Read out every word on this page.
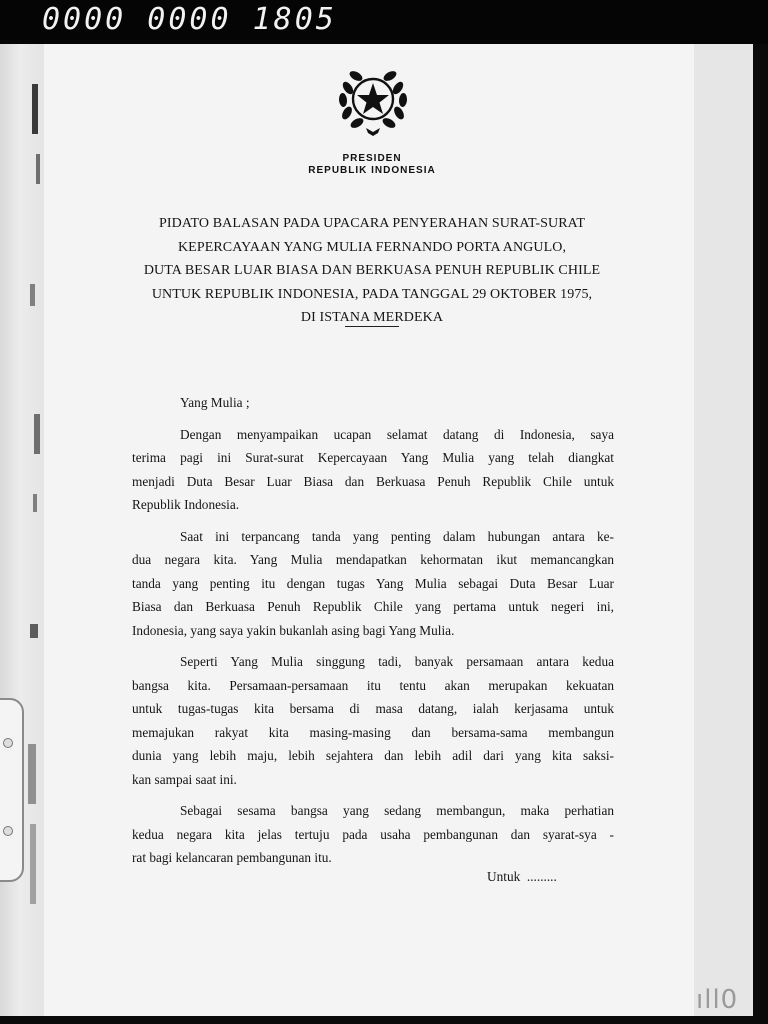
0000 0000 1805
PRESIDEN
REPUBLIK INDONESIA
PIDATO BALASAN PADA UPACARA PENYERAHAN SURAT-SURAT
KEPERCAYAAN YANG MULIA FERNANDO PORTA ANGULO,
DUTA BESAR LUAR BIASA DAN BERKUASA PENUH REPUBLIK CHILE
UNTUK REPUBLIK INDONESIA, PADA TANGGAL 29 OKTOBER 1975,
DI ISTANA MERDEKA
Yang Mulia ;
Dengan menyampaikan ucapan selamat datang di Indonesia, saya
terima pagi ini Surat-surat Kepercayaan Yang Mulia yang telah diangkat
menjadi Duta Besar Luar Biasa dan Berkuasa Penuh Republik Chile untuk
Republik Indonesia.
Saat ini terpancang tanda yang penting dalam hubungan antara ke-
dua negara kita. Yang Mulia mendapatkan kehormatan ikut memancangkan
tanda yang penting itu dengan tugas Yang Mulia sebagai Duta Besar Luar
Biasa dan Berkuasa Penuh Republik Chile yang pertama untuk negeri ini,
Indonesia, yang saya yakin bukanlah asing bagi Yang Mulia.
Seperti Yang Mulia singgung tadi, banyak persamaan antara kedua
bangsa kita. Persamaan-persamaan itu tentu akan merupakan kekuatan
untuk tugas-tugas kita bersama di masa datang, ialah kerjasama untuk
memajukan rakyat kita masing-masing dan bersama-sama membangun
dunia yang lebih maju, lebih sejahtera dan lebih adil dari yang kita saksi-
kan sampai saat ini.
Sebagai sesama bangsa yang sedang membangun, maka perhatian
kedua negara kita jelas tertuju pada usaha pembangunan dan syarat-sya -
rat bagi kelancaran pembangunan itu.
Untuk  .........
ıll0
